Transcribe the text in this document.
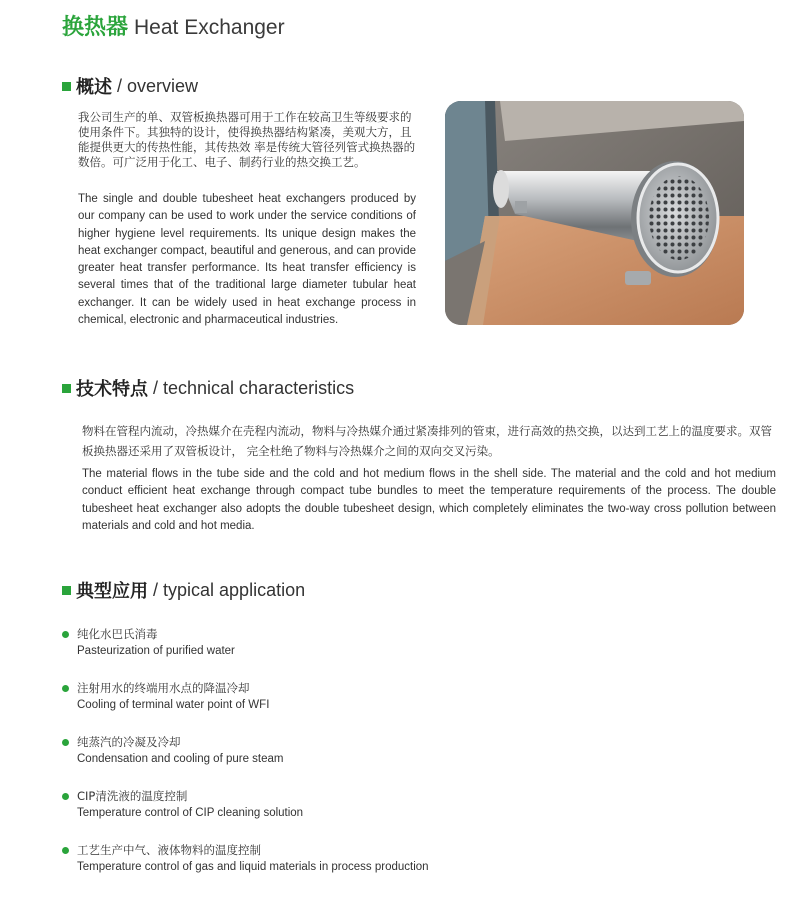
换热器 Heat Exchanger
概述 / overview

我公司生产的单、双管板换热器可用于工作在较高卫生等级要求的使用条件下。其独特的设计，使得换热器结构紧凑，美观大方，且能提供更大的传热性能，其传热效 率是传统大管径列管式换热器的数倍。可广泛用于化工、电子、制药行业的热交换工艺。

The single and double tubesheet heat exchangers produced by our company can be used to work under the service conditions of higher hygiene level requirements. Its unique design makes the heat exchanger compact, beautiful and generous, and can provide greater heat transfer performance. Its heat transfer efficiency is several times that of the traditional large diameter tubular heat exchanger. It can be widely used in heat exchange process in chemical, electronic and pharmaceutical industries.

技术特点 / technical characteristics

物料在管程内流动，冷热媒介在壳程内流动，物料与冷热媒介通过紧凑排列的管束，进行高效的热交换，以达到工艺上的温度要求。双管板换热器还采用了双管板设计， 完全杜绝了物料与冷热媒介之间的双向交叉污染。

The material flows in the tube side and the cold and hot medium flows in the shell side. The material and the cold and hot medium conduct efficient heat exchange through compact tube bundles to meet the temperature requirements of the process. The double tubesheet heat exchanger also adopts the double tubesheet design, which completely eliminates the two-way cross pollution between materials and cold and hot media.

典型应用 / typical application
纯化水巴氏消毒
Pasteurization of purified water
注射用水的终端用水点的降温冷却
Cooling of terminal water point of WFI
纯蒸汽的冷凝及冷却
Condensation and cooling of pure steam
CIP清洗液的温度控制
Temperature control of CIP cleaning solution
工艺生产中气、液体物料的温度控制
Temperature control of gas and liquid materials in process production
